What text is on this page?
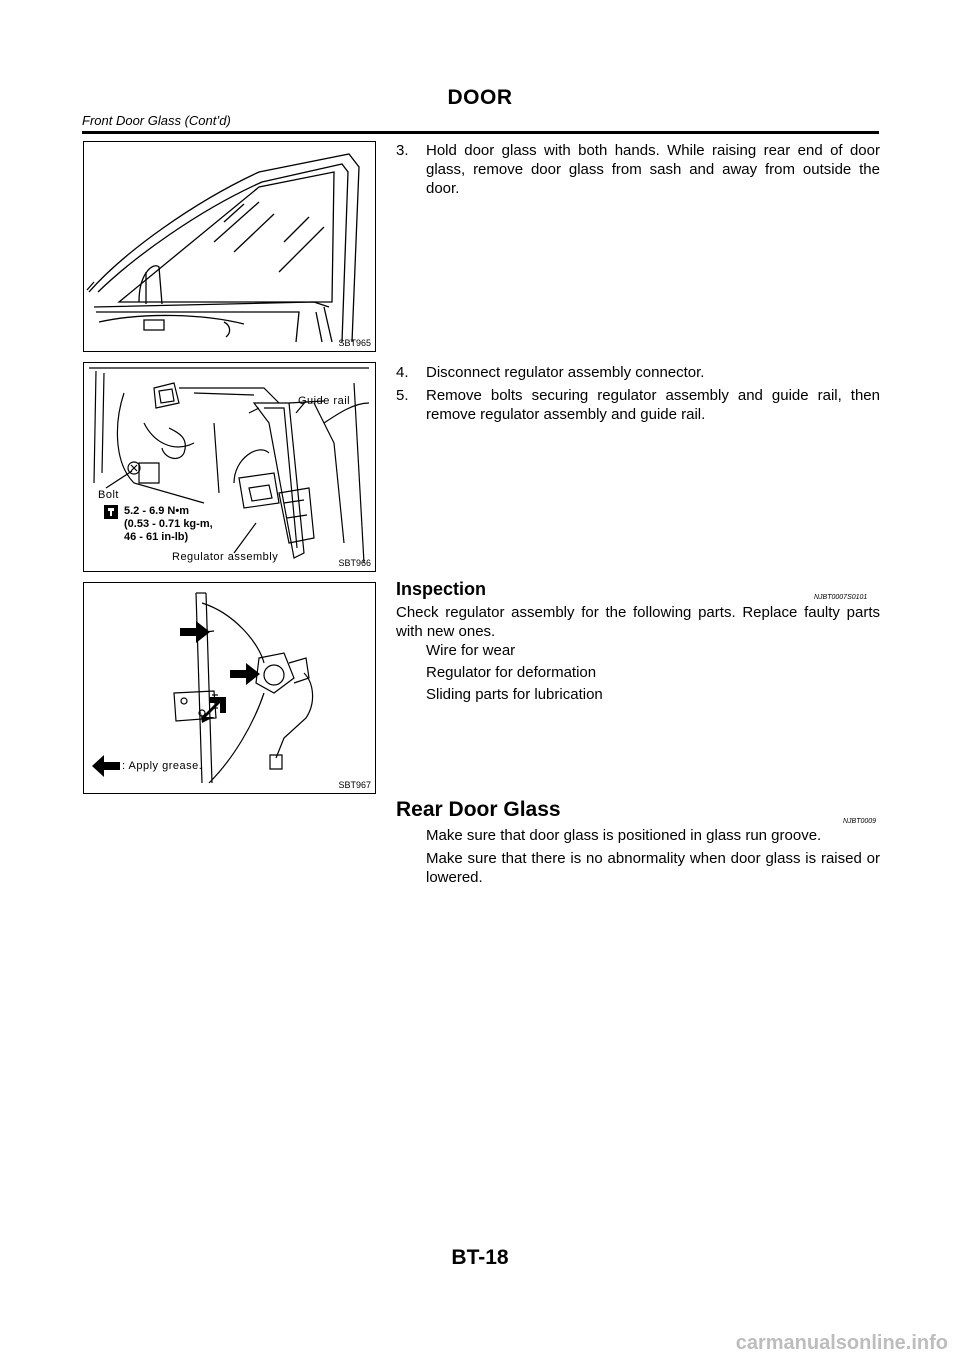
DOOR
Front Door Glass (Cont’d)
SBT965
3. Hold door glass with both hands. While raising rear end of door glass, remove door glass from sash and away from outside the door.
Guide rail
Bolt
5.2 - 6.9 N•m
(0.53 - 0.71 kg-m,
46 - 61 in-lb)
Regulator assembly	SBT966
4. Disconnect regulator assembly connector.
5. Remove bolts securing regulator assembly and guide rail, then remove regulator assembly and guide rail.
: Apply grease.
SBT967
Inspection	NJBT0007S0101
Check regulator assembly for the following parts. Replace faulty parts with new ones.
Wire for wear
Regulator for deformation
Sliding parts for lubrication
Rear Door Glass
NJBT0009
Make sure that door glass is positioned in glass run groove.
Make sure that there is no abnormality when door glass is raised or lowered.
BT-18
carmanualsonline.info
